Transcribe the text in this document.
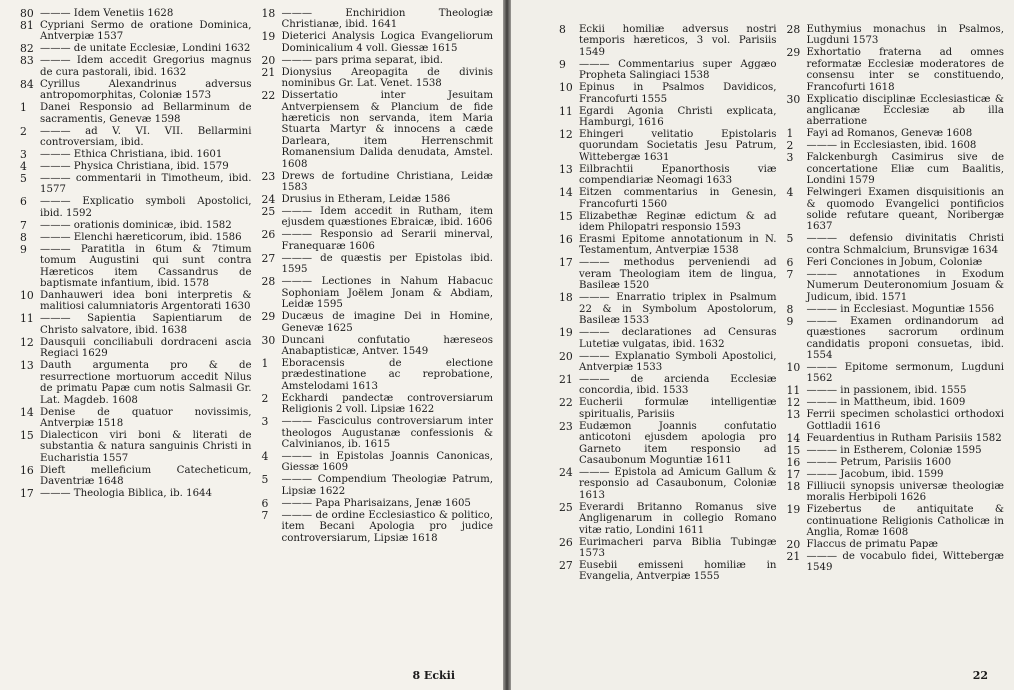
80 ——— Idem Venetiis 1628
81 Cypriani Sermo de oratione Dominica, Antverpiæ 1537
82 ——— de unitate Ecclesiæ, Londini 1632
83 ——— Idem accedit Gregorius magnus de cura pastorali, ibid. 1632
84 Cyrillus Alexandrinus adversus antropomorphitas, Coloniæ 1573
1	Danei Responsio ad Bellarminum de sacramentis, Genevæ 1598
2	——— ad V. VI. VII. Bellarmini controversiam, ibid.
3	——— Ethica Christiana, ibid. 1601
4	——— Physica Christiana, ibid. 1579
5	——— commentarii in Timotheum, ibid. 1577
6	——— Explicatio symboli Apostolici, ibid. 1592
7	——— orationis dominicæ, ibid. 1582
8	——— Elenchi hæreticorum, ibid. 1586
9	——— Paratitla in 6tum & 7timum tomum Augustini qui sunt contra Hæreticos item Cassandrus de baptismate infantium, ibid. 1578
10 Danhauweri idea boni interpretis & malitiosi calumniatoris Argentorati 1630
11 ——— Sapientia Sapientiarum de Christo salvatore, ibid. 1638
12 Dausquii conciliabuli dordraceni ascia Regiaci 1629
13 Dauth argumenta pro & de resurrectione mortuorum accedit Nilus de primatu Papæ cum notis Salmasii Gr. Lat. Magdeb. 1608
14 Denise de quatuor novissimis, Antverpiæ 1518
15 Dialecticon viri boni & literati de substantia & natura sanguinis Christi in Eucharistia 1557
16 Dieft melleficium Catecheticum, Daventriæ 1648
17 ——— Theologia Biblica, ib. 1644
18 ——— Enchiridion Theologiæ Christianæ, ibid. 1641
19 Dieterici Analysis Logica Evangeliorum Dominicalium 4 voll. Giessæ 1615
20 ——— pars prima separat, ibid.
21 Dionysius Areopagita de divinis nominibus Gr. Lat. Venet. 1538
22 Dissertatio inter Jesuitam Antverpiensem & Plancium de fide hæreticis non servanda, item Maria Stuarta Martyr & innocens a cæde Darleara, item Herrenschmit Romanensium Dalida denudata, Amstel. 1608
23 Drews de fortudine Christiana, Leidæ 1583
24 Drusius in Etheram, Leidæ 1586
25 ——— Idem accedit in Rutham, item ejusdem quæstiones Ebraicæ, ibid. 1606
26 ——— Responsio ad Serarii minerval, Franequaræ 1606
27 ——— de quæstis per Epistolas ibid. 1595
28 ——— Lectiones in Nahum Habacuc Sophoniam Joëlem Jonam & Abdiam, Leidæ 1595
29 Ducæus de imagine Dei in Homine, Genevæ 1625
30 Duncani confutatio hæreseos Anabaptisticæ, Antver. 1549
1	Eboracensis de electione prædestinatione ac reprobatione, Amstelodami 1613
2	Eckhardi pandectæ controversiarum Religionis 2 voll. Lipsiæ 1622
3	——— Fasciculus controversiarum inter theologos Augustanæ confessionis & Calvinianos, ib. 1615
4	——— in Epistolas Joannis Canonicas, Giessæ 1609
5	——— Compendium Theologiæ Patrum, Lipsiæ 1622
6	——— Papa Pharisaizans, Jenæ 1605
7	——— de ordine Ecclesiastico & politico, item Becani Apologia pro judice controversiarum, Lipsiæ 1618
8 Eckii
8	Eckii homiliæ adversus nostri temporis hæreticos, 3 vol. Parisiis 1549
9	——— Commentarius super Aggæo Propheta Salingiaci 1538
10 Epinus in Psalmos Davidicos, Francofurti 1555
11 Egardi Agonia Christi explicata, Hamburgi, 1616
12 Ehingeri velitatio Epistolaris quorundam Societatis Jesu Patrum, Wittebergæ 1631
13 Eilbrachtii Epanorthosis viæ compendiariæ Neomagi 1633
14 Eitzen commentarius in Genesin, Francofurti 1560
15 Elizabethæ Reginæ edictum & ad idem Philopatri responsio 1593
16 Erasmi Epitome annotationum in N. Testamentum, Antverpiæ 1538
17 ——— methodus perveniendi ad veram Theologiam item de lingua, Basileæ 1520
18 ——— Enarratio triplex in Psalmum 22 & in Symbolum Apostolorum, Basileæ 1533
19 ——— declarationes ad Censuras Lutetiæ vulgatas, ibid. 1632
20 ——— Explanatio Symboli Apostolici, Antverpiæ 1533
21 ——— de arcienda Ecclesiæ concordia, ibid. 1533
22 Eucherii formulæ intelligentiæ spiritualis, Parisiis
23 Eudæmon Joannis confutatio anticotoni ejusdem apologia pro Garneto item responsio ad Casaubonum Moguntiæ 1611
24 ——— Epistola ad Amicum Gallum & responsio ad Casaubonum, Coloniæ 1613
25 Everardi Britanno Romanus sive Angligenarum in collegio Romano vitæ ratio, Londini 1611
26 Eurimacheri parva Biblia Tubingæ 1573
27 Eusebii emisseni homiliæ in Evangelia, Antverpiæ 1555
28 Euthymius monachus in Psalmos, Lugduni 1573
29 Exhortatio fraterna ad omnes reformatæ Ecclesiæ moderatores de consensu inter se constituendo, Francofurti 1618
30 Explicatio disciplinæ Ecclesiasticæ & anglicanæ Ecclesiæ ab illa aberratione
1	Fayi ad Romanos, Genevæ 1608
2	——— in Ecclesiasten, ibid. 1608
3	Falckenburgh Casimirus sive de concertatione Eliæ cum Baalitis, Londini 1579
4	Felwingeri Examen disquisitionis an & quomodo Evangelici pontificios solide refutare queant, Noribergæ 1637
5	——— defensio divinitatis Christi contra Schmalcium, Brunsvigæ 1634
6	Feri Conciones in Jobum, Coloniæ
7	——— annotationes in Exodum Numerum Deuteronomium Josuam & Judicum, ibid. 1571
8	——— in Ecclesiast. Moguntiæ 1556
9	——— Examen ordinandorum ad quæstiones sacrorum ordinum candidatis proponi consuetas, ibid. 1554
10 ——— Epitome sermonum, Lugduni 1562
11 ——— in passionem, ibid. 1555
12 ——— in Mattheum, ibid. 1609
13 Ferrii specimen scholastici orthodoxi Gottladii 1616
14 Feuardentius in Rutham Parisiis 1582
15 ——— in Estherem, Coloniæ 1595
16 ——— Petrum, Parisiis 1600
17 ——— Jacobum, ibid. 1599
18 Filliucii synopsis universæ theologiæ moralis Herbipoli 1626
19 Fizebertus de antiquitate & continuatione Religionis Catholicæ in Anglia, Romæ 1608
20 Flaccus de primatu Papæ
21 ——— de vocabulo fidei, Wittebergæ 1549
22
